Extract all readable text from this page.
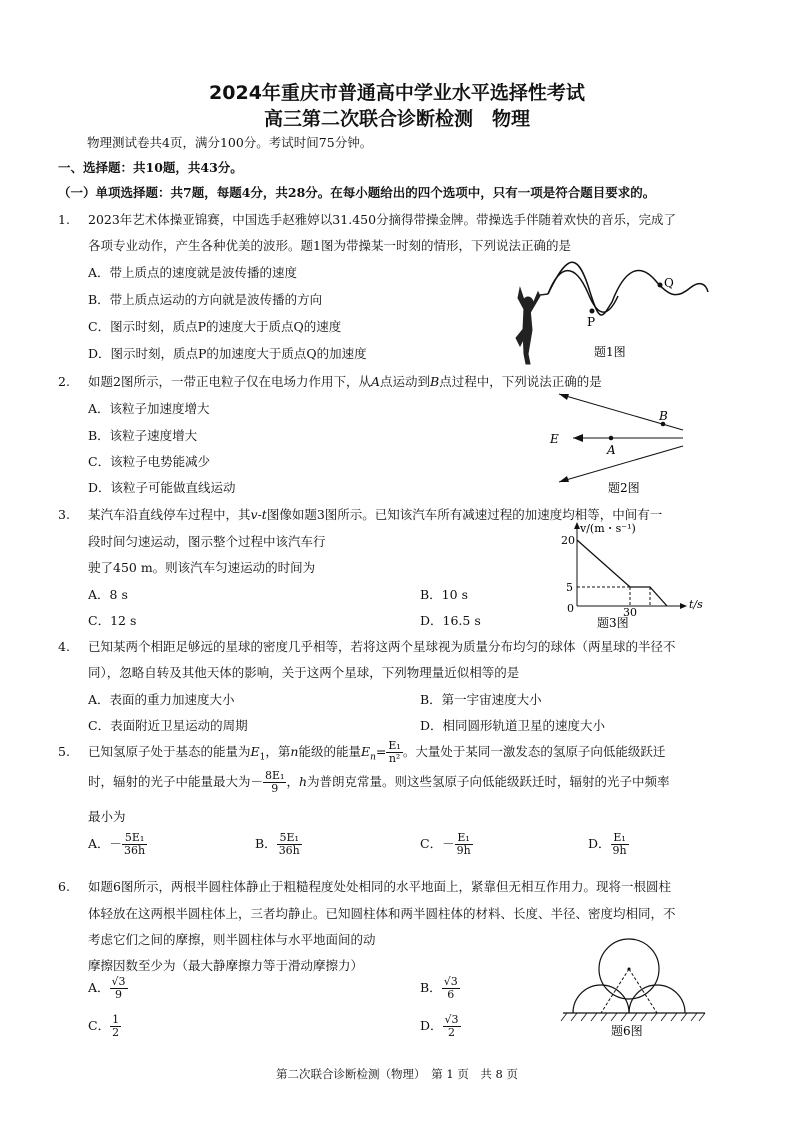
2024年重庆市普通高中学业水平选择性考试
高三第二次联合诊断检测　物理
物理测试卷共4页，满分100分。考试时间75分钟。
一、选择题：共10题，共43分。
（一）单项选择题：共7题，每题4分，共28分。在每小题给出的四个选项中，只有一项是符合题目要求的。
1. 2023年艺术体操亚锦赛，中国选手赵雅婷以31.450分摘得带操金牌。带操选手伴随着欢快的音乐，完成了
各项专业动作，产生各种优美的波形。题1图为带操某一时刻的情形，下列说法正确的是
A．带上质点的速度就是波传播的速度
B．带上质点运动的方向就是波传播的方向
C．图示时刻，质点P的速度大于质点Q的速度
D．图示时刻，质点P的加速度大于质点Q的加速度
P
Q
题1图
2. 如题2图所示，一带正电粒子仅在电场力作用下，从A点运动到B点过程中，下列说法正确的是
A．该粒子加速度增大
B．该粒子速度增大
C．该粒子电势能减少
D．该粒子可能做直线运动
E
A
B
题2图
3. 某汽车沿直线停车过程中，其v-t图像如题3图所示。已知该汽车所有减速过程的加速度均相等，中间有一
段时间匀速运动，图示整个过程中该汽车行
驶了450 m。则该汽车匀速运动的时间为
A．8 s	B．10 s
C．12 s	D．16.5 s
v/(m・s⁻¹)
t/s
20
5
0	30
题3图
4. 已知某两个相距足够远的星球的密度几乎相等，若将这两个星球视为质量分布均匀的球体（两星球的半径不
同），忽略自转及其他天体的影响，关于这两个星球，下列物理量近似相等的是
A．表面的重力加速度大小	B．第一宇宙速度大小
C．表面附近卫星运动的周期	D．相同圆形轨道卫星的速度大小
5. 已知氢原子处于基态的能量为$E_1$，第n能级的能量$E_n= \frac{\text{E₁}}{\text{n²}}$ 。大量处于某同一激发态的氢原子向低能级跃迁
时，辐射的光子中能量最大为－ $\frac{\text{8E₁}}{9}$ ，h为普朗克常量。则这些氢原子向低能级跃迁时，辐射的光子中频率
最小为
A．－ $\frac{\text{5E₁}}{36h}$	B． $\frac{\text{5E₁}}{36h}$	C．－ $\frac{\text{E₁}}{9h}$	D． $\frac{\text{E₁}}{9h}$
6. 如题6图所示，两根半圆柱体静止于粗糙程度处处相同的水平地面上，紧靠但无相互作用力。现将一根圆柱
体轻放在这两根半圆柱体上，三者均静止。已知圆柱体和两半圆柱体的材料、长度、半径、密度均相同，不
考虑它们之间的摩擦，则半圆柱体与水平地面间的动
摩擦因数至少为（最大静摩擦力等于滑动摩擦力）
A． $\frac{√3}{9}$	B． $\frac{√3}{6}$
C． $\frac{1}{2}$	D． $\frac{√3}{2}$	题6图
第二次联合诊断检测（物理）　第 1 页　共 8 页
